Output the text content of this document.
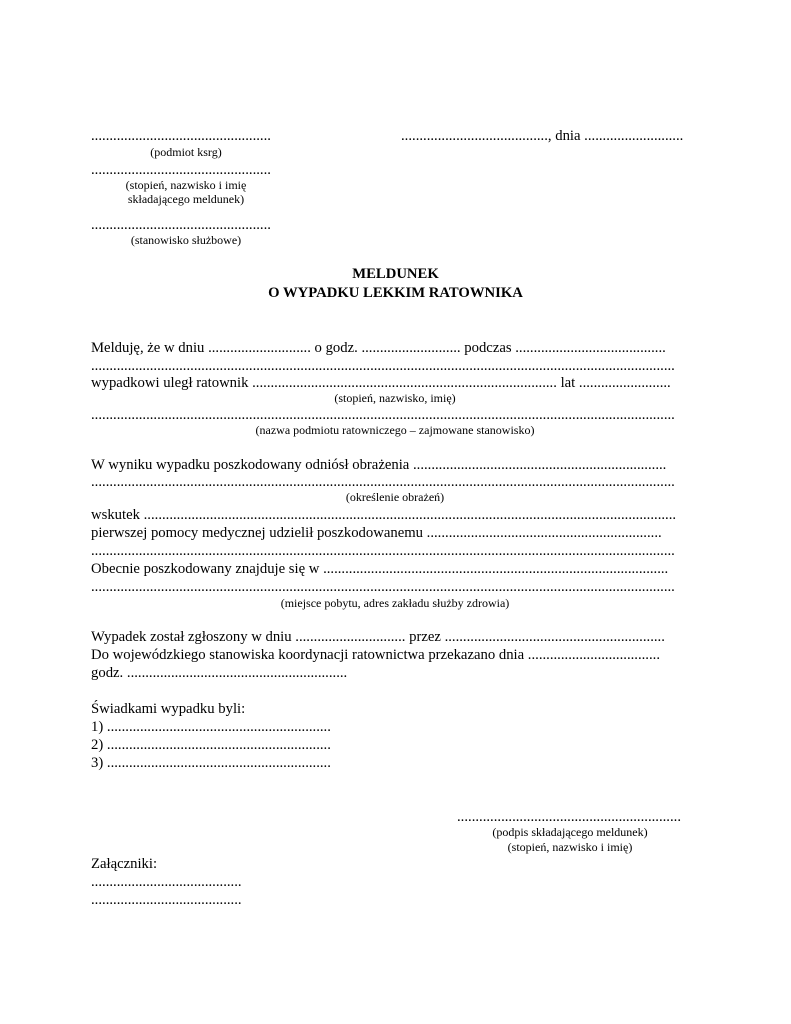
.................................................	........................................, dnia ...........................
(podmiot ksrg)
.................................................
(stopień, nazwisko i imię
składającego meldunek)
.................................................
(stanowisko służbowe)
MELDUNEK
O WYPADKU LEKKIM RATOWNIKA
Melduję, że w dniu ............................ o godz. ........................... podczas .........................................
...............................................................................................................................................................
wypadkowi uległ ratownik ................................................................................... lat .........................
(stopień, nazwisko, imię)
...............................................................................................................................................................
(nazwa podmiotu ratowniczego – zajmowane stanowisko)
W wyniku wypadku poszkodowany odniósł obrażenia .....................................................................
...............................................................................................................................................................
(określenie obrażeń)
wskutek .................................................................................................................................................
pierwszej pomocy medycznej udzielił poszkodowanemu ................................................................
...............................................................................................................................................................
Obecnie poszkodowany znajduje się w ..............................................................................................
...............................................................................................................................................................
(miejsce pobytu, adres zakładu służby zdrowia)
Wypadek został zgłoszony w dniu .............................. przez ............................................................
Do wojewódzkiego stanowiska koordynacji ratownictwa przekazano dnia ....................................
godz. ............................................................
Świadkami wypadku byli:
1) .............................................................
2) .............................................................
3) .............................................................
.............................................................
(podpis składającego meldunek)
(stopień, nazwisko i imię)
Załączniki:
.........................................
.........................................
